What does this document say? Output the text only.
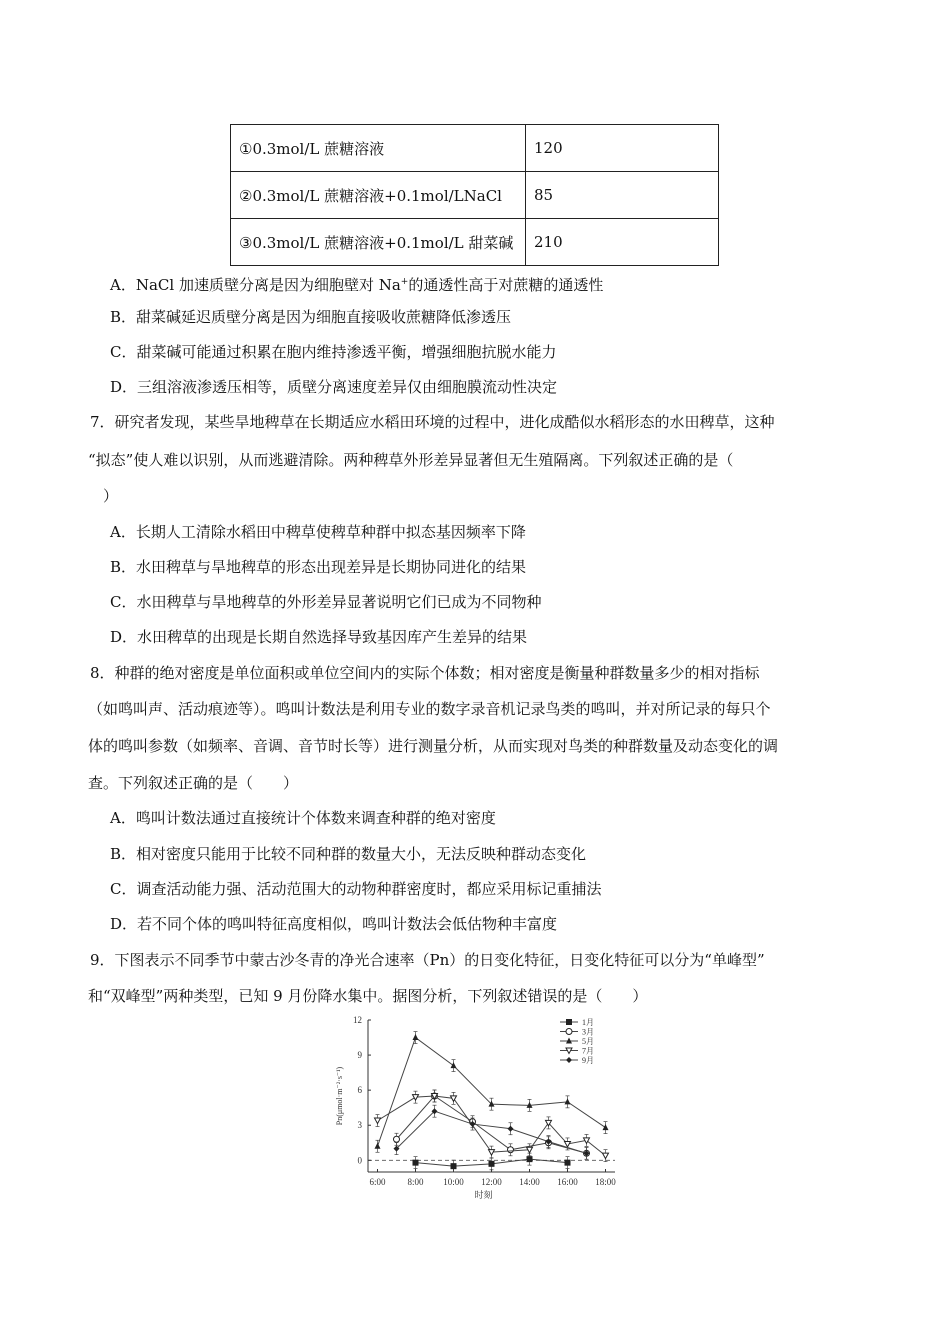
①0.3mol/L 蔗糖溶液	120
②0.3mol/L 蔗糖溶液+0.1mol/LNaCl	85
③0.3mol/L 蔗糖溶液+0.1mol/L 甜菜碱	210
A．NaCl 加速质壁分离是因为细胞壁对 Na+的通透性高于对蔗糖的通透性
B．甜菜碱延迟质壁分离是因为细胞直接吸收蔗糖降低渗透压
C．甜菜碱可能通过积累在胞内维持渗透平衡，增强细胞抗脱水能力
D．三组溶液渗透压相等，质壁分离速度差异仅由细胞膜流动性决定
7．研究者发现，某些旱地稗草在长期适应水稻田环境的过程中，进化成酷似水稻形态的水田稗草，这种
“拟态”使人难以识别，从而逃避清除。两种稗草外形差异显著但无生殖隔离。下列叙述正确的是（
）
A．长期人工清除水稻田中稗草使稗草种群中拟态基因频率下降
B．水田稗草与旱地稗草的形态出现差异是长期协同进化的结果
C．水田稗草与旱地稗草的外形差异显著说明它们已成为不同物种
D．水田稗草的出现是长期自然选择导致基因库产生差异的结果
8．种群的绝对密度是单位面积或单位空间内的实际个体数；相对密度是衡量种群数量多少的相对指标
（如鸣叫声、活动痕迹等）。鸣叫计数法是利用专业的数字录音机记录鸟类的鸣叫，并对所记录的每只个
体的鸣叫参数（如频率、音调、音节时长等）进行测量分析，从而实现对鸟类的种群数量及动态变化的调
查。下列叙述正确的是（　　）
A．鸣叫计数法通过直接统计个体数来调查种群的绝对密度
B．相对密度只能用于比较不同种群的数量大小，无法反映种群动态变化
C．调查活动能力强、活动范围大的动物种群密度时，都应采用标记重捕法
D．若不同个体的鸣叫特征高度相似，鸣叫计数法会低估物种丰富度
9．下图表示不同季节中蒙古沙冬青的净光合速率（Pn）的日变化特征，日变化特征可以分为“单峰型”
和“双峰型”两种类型，已知 9 月份降水集中。据图分析，下列叙述错误的是（　　）
0
3
6
9
12
6:00 8:00 10:00 12:00 14:00 16:00 18:00
时刻
Pn(μmol·m⁻²·s⁻¹)
1月
3月
5月
7月
9月
